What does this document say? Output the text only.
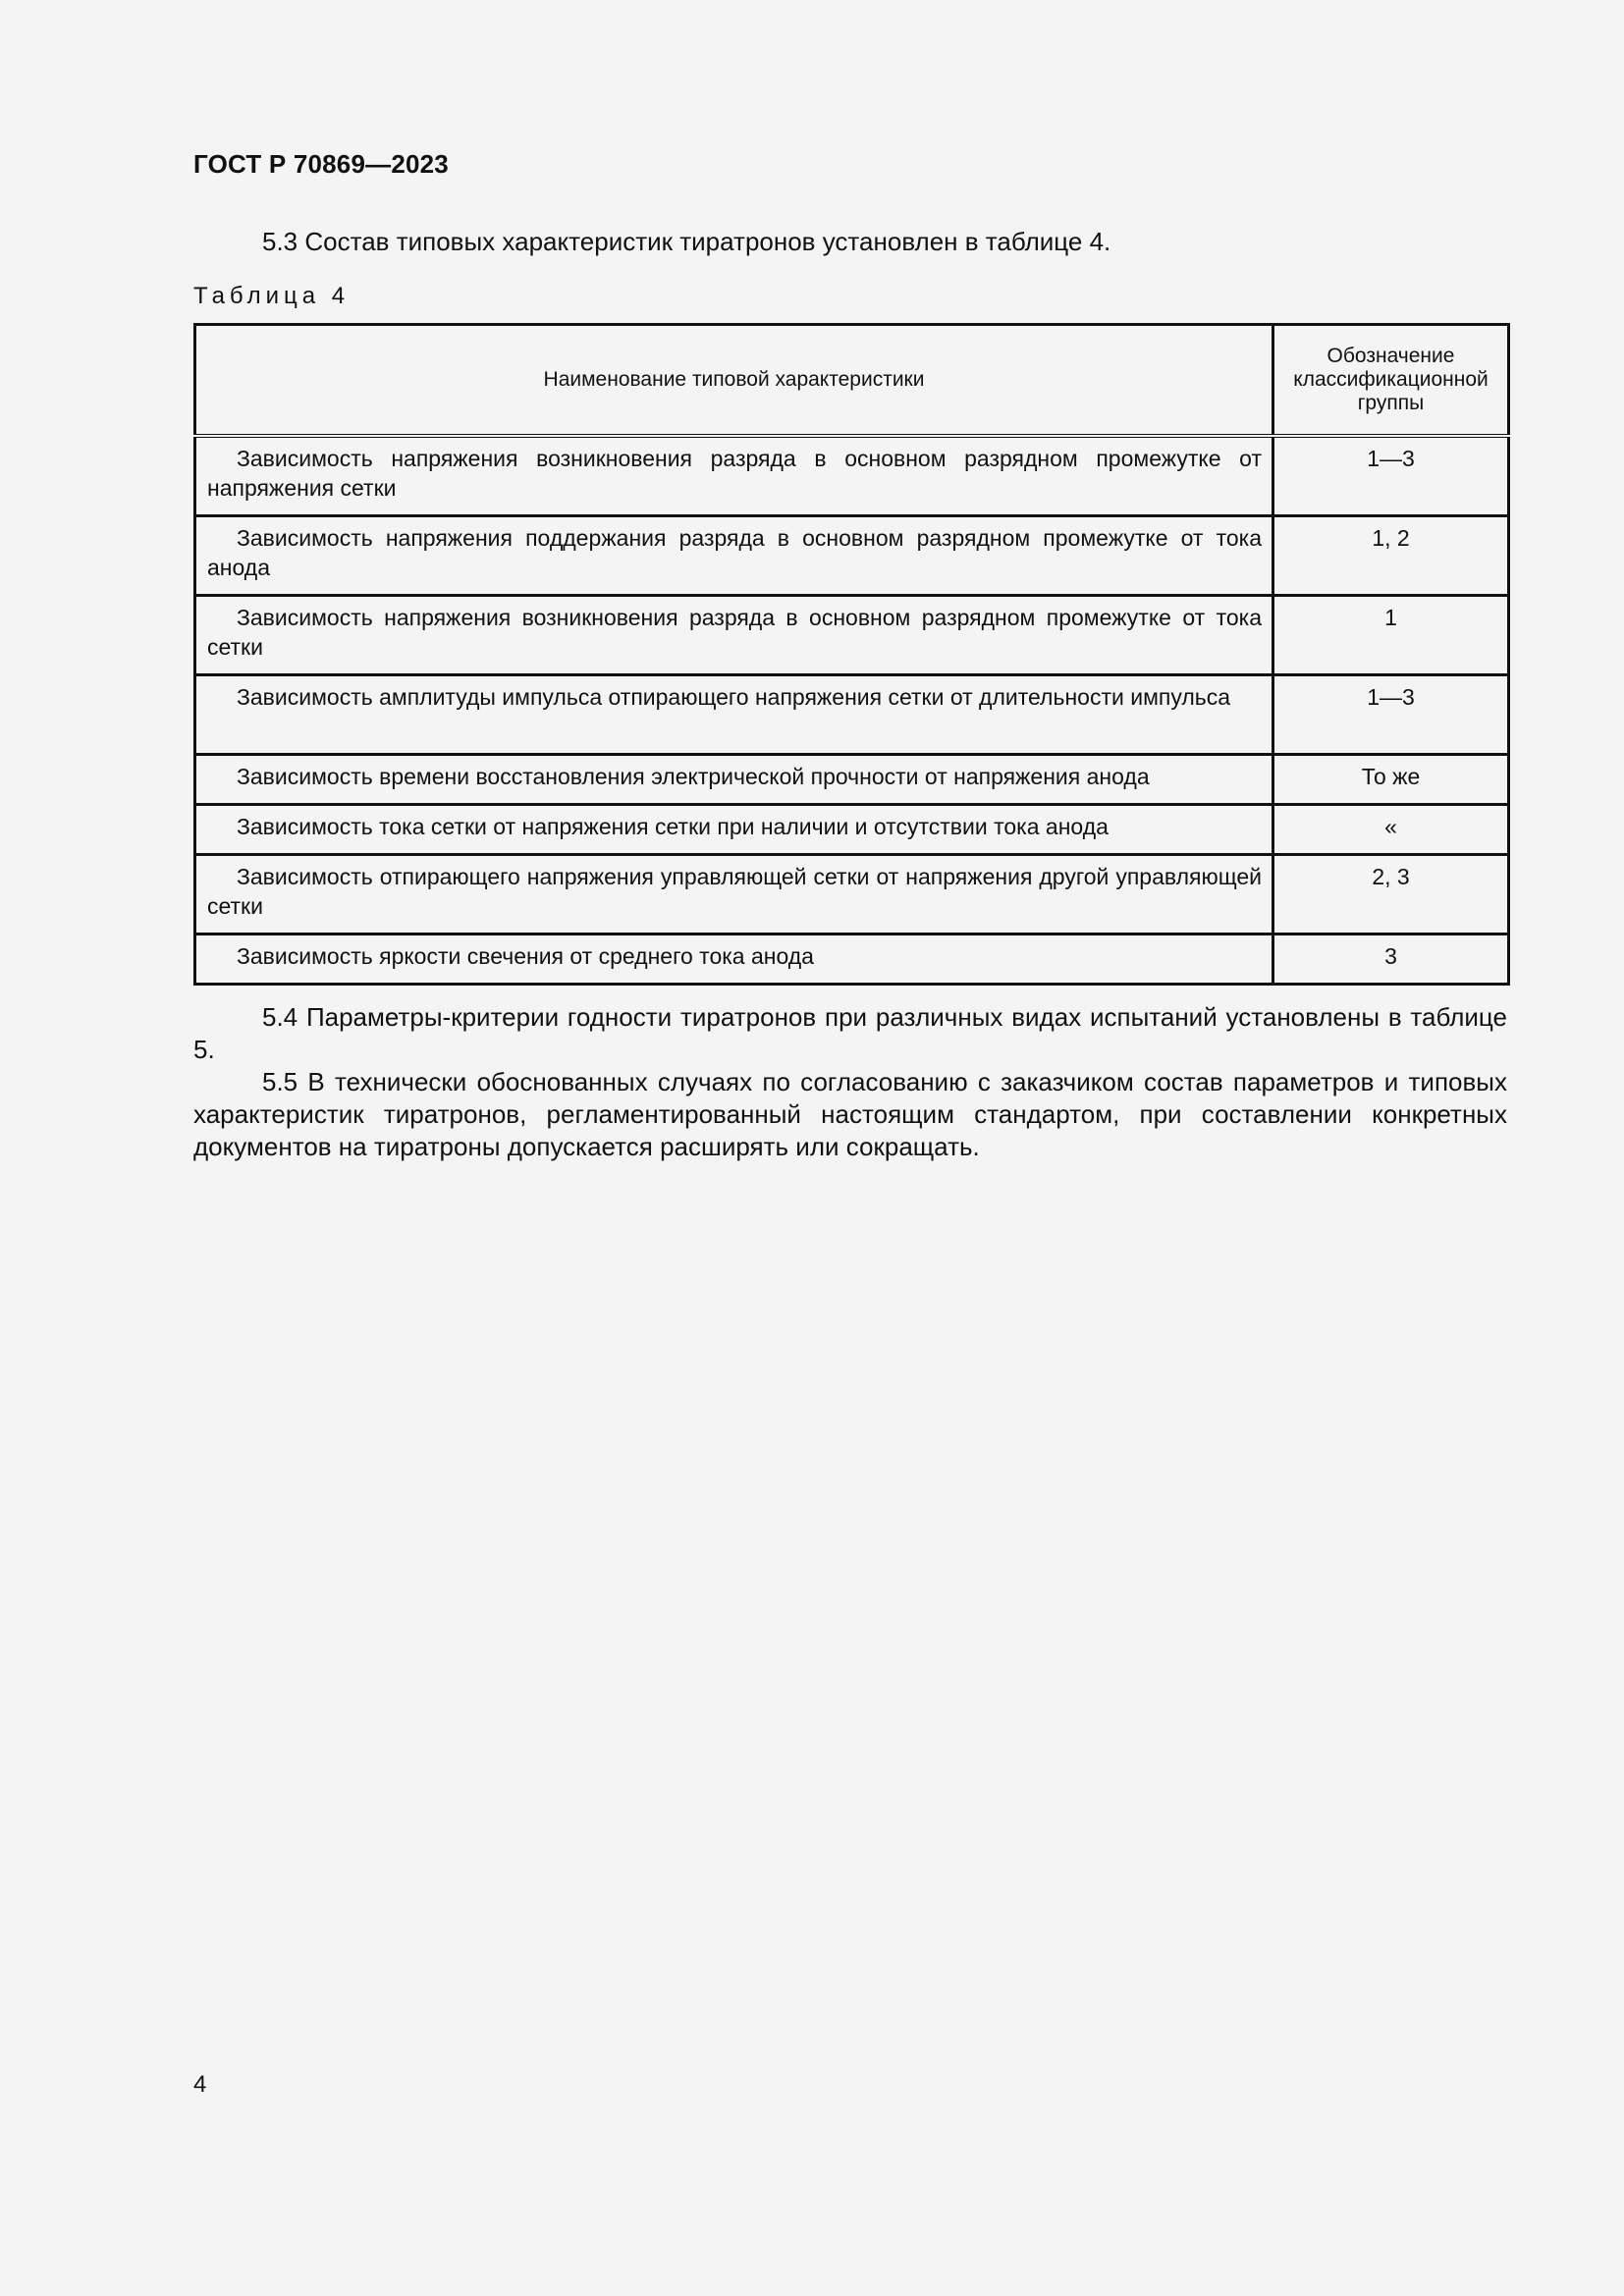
ГОСТ Р 70869—2023

5.3 Состав типовых характеристик тиратронов установлен в таблице 4.

Таблица 4

Наименование типовой характеристики	Обозначение классификационной группы
Зависимость напряжения возникновения разряда в основном разрядном промежутке от напряжения сетки	1—3
Зависимость напряжения поддержания разряда в основном разрядном промежутке от тока анода	1, 2
Зависимость напряжения возникновения разряда в основном разрядном промежутке от тока сетки	1
Зависимость амплитуды импульса отпирающего напряжения сетки от длительности импульса	1—3
Зависимость времени восстановления электрической прочности от напряжения анода	То же
Зависимость тока сетки от напряжения сетки при наличии и отсутствии тока анода	«
Зависимость отпирающего напряжения управляющей сетки от напряжения другой управляющей сетки	2, 3
Зависимость яркости свечения от среднего тока анода	3

5.4 Параметры-критерии годности тиратронов при различных видах испытаний установлены в таблице 5.

5.5 В технически обоснованных случаях по согласованию с заказчиком состав параметров и типовых характеристик тиратронов, регламентированный настоящим стандартом, при составлении конкретных документов на тиратроны допускается расширять или сокращать.

4
